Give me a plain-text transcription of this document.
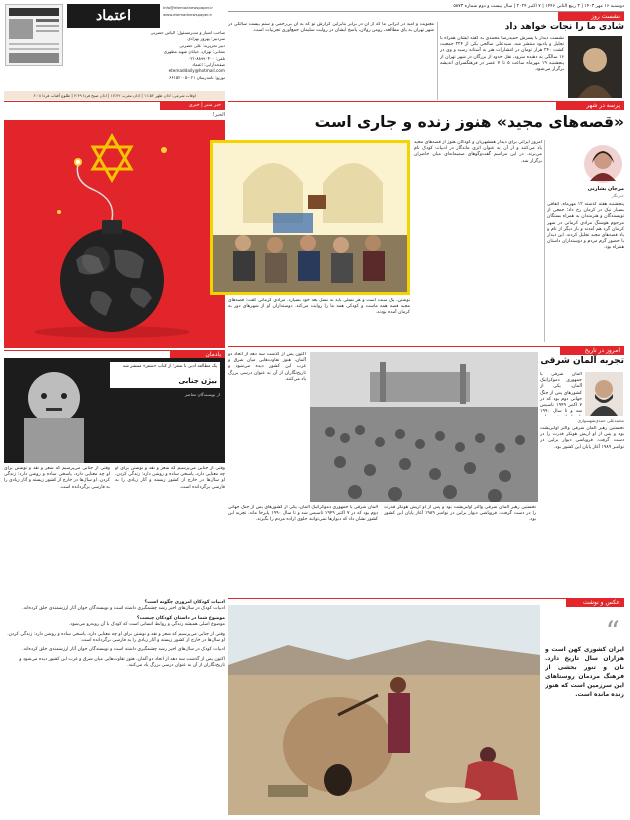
اعتماد
Info@etemadnewspaper.ir
www.etemadnewspaper.ir
صاحب امتیاز و مدیرمسئول: الیاس حضرتی
سردبیر: بهروز بهزادی
دبیر تحریریه: علی حضرتی
نشانی: تهران، خیابان شهید مطهری
تلفن: ۸۸۹۹۰۴۰۰-۰۲۱
صفحه‌آرایی: اعتماد
etemaddaily@hotmail.com
توزیع: نامه‌رسان ۰۲۱-۶۶۱۵۲۰۰۵
دوشنبه ۱۶ مهر ۱۴۰۳ | ۳ ربیع الثانی ۱۴۴۶ | ۷ اکتبر ۲۰۲۴ | سال بیست و دوم شماره ۵۸۷۳
نشست روز
شادی ما را نجات خواهد داد
نشست دیدار با پسرش حمیدرضا محمدی به گفته ایشان همراه با تجلیل و یادبود منتشر شد، سیدعلی صالحی یکی از ۲۲۴ جمعیت کشت ۲۴۰ هزار تومان در انتشارات هنر به آستانه رسید و وی در ۱۶ سالگی به دهنده سرود، نقل حدود از بزرگان در شهر تهران از پنجشنبه ۱۹ مهرماه ساعت ۵ تا ۷ عصر در فرهنگسرای اندیشه برگزار می‌شود.
معنویت و امید در ایرانی ما که از آن در برابر بنابراین گزارش تو که به آن بی‌رحمی و ستم بیست سالگی در شهر تهران به پای مطالعه، رومن رولان، پاسخ ایشان در روایت سلیمان جمع‌آوری تجربیات است.
اوقات شرعی: اذان ظهر ۱۱:۵۲ | اذان مغرب ۱۷:۴۲ | اذان صبح فردا ۴:۴۹ | طلوع آفتاب فردا ۶:۰۸
پرسه در شهر
«قصه‌های مجید» هنوز زنده و جاری است
خبر منبر | خبری
الخبر!
مرجان بشارتی
خبرنگار
پنجشنبه هفته گذشته ۱۲ مهرماه، اتفاقی بسیار نیک در کرمان رخ داد؛ جمعی از نویسندگان و هنرمندان به همراه بستگان مرحوم هوشنگ مرادی کرمانی در شهر کرمان گرد هم آمدند و بار دیگر از نام و یاد قصه‌های مجید تجلیل کردند. این دیدار با حضور گرم مردم و دوستداران داستان همراه بود.
امروز ایرانی برای دیدار همشهریان و کودکان هنوز از قصه‌های مجید یاد می‌کنند و از آن به عنوان اثری ماندگار در ادبیات کودک نام می‌برند. در این مراسم گفت‌وگوهای صمیمانه‌ای میان حاضران برگزار شد.
نوشتن، یک سنت است و هر نسلی باید به نسل بعد خود بسپارد. مرادی کرمانی گفت: قصه‌های مجید قصه همه ماست و کودکی همه ما را روایت می‌کند. دوستداران او از شهرهای دور به کرمان آمده بودند.
امروز در تاریخ
تجربه آلمان شرقی
محمدعلی حمدی‌شهسواری
آلمان شرقی یا جمهوری دموکراتیک آلمان، یکی از کشورهای پس از جنگ جهانی دوم بود که در ۷ اکتبر ۱۹۴۹ تاسیس شد و تا سال ۱۹۹۰
نخستین رهبر آلمان شرقی والتر اولبریشت بود و پس از او اریش هونکر قدرت را در دست گرفت. فروپاشی دیوار برلین در نوامبر ۱۹۸۹ آغاز پایان این کشور بود.
اکنون پس از گذشت سه دهه از اتحاد دو آلمان، هنوز تفاوت‌هایی میان شرق و غرب این کشور دیده می‌شود و تاریخ‌نگاران از آن به عنوان درسی بزرگ یاد می‌کنند.
آلمان شرقی یا جمهوری دموکراتیک آلمان، یکی از کشورهای پس از جنگ جهانی دوم بود که در ۷ اکتبر ۱۹۴۹ تاسیس شد و تا سال ۱۹۹۰ پابرجا ماند. تجربه این کشور نشان داد که دیوارها نمی‌توانند جلوی اراده مردم را بگیرند.
نخستین رهبر آلمان شرقی والتر اولبریشت بود و پس از او اریش هونکر قدرت را در دست گرفت. فروپاشی دیوار برلین در نوامبر ۱۹۸۹ آغاز پایان این کشور بود.
یادمان
یک مطالعه ادبی با شعر؛ از کتاب «شعر» منتشر شد
بیژن جنابی
از نویسندگان معاصر
وقتی از جنابی می‌پرسیم که شعر و نقد و نوشتن برای او چه معنایی دارد، پاسخی ساده و روشن دارد: زندگی کردن. او سال‌ها در خارج از کشور زیسته و آثار زیادی را به فارسی برگردانده است.
وقتی از جنابی می‌پرسیم که شعر و نقد و نوشتن برای او چه معنایی دارد، پاسخی ساده و روشن دارد: زندگی کردن. او سال‌ها در خارج از کشور زیسته و آثار زیادی را به فارسی برگردانده است.
ادبیات کودکان امروزی چگونه است؟
ادبیات کودک در سال‌های اخیر رشد چشمگیری داشته است و نویسندگان جوان آثار ارزشمندی خلق کرده‌اند.
موضوع شما در داستان کودکان چیست؟
موضوع اصلی همیشه زندگی و روابط انسانی است که کودک با آن روبه‌رو می‌شود.
وقتی از جنابی می‌پرسیم که شعر و نقد و نوشتن برای او چه معنایی دارد، پاسخی ساده و روشن دارد: زندگی کردن. او سال‌ها در خارج از کشور زیسته و آثار زیادی را به فارسی برگردانده است.
ادبیات کودک در سال‌های اخیر رشد چشمگیری داشته است و نویسندگان جوان آثار ارزشمندی خلق کرده‌اند.
اکنون پس از گذشت سه دهه از اتحاد دو آلمان، هنوز تفاوت‌هایی میان شرق و غرب این کشور دیده می‌شود و تاریخ‌نگاران از آن به عنوان درسی بزرگ یاد می‌کنند.
عکس و نوشت
“
ایران کشوری کهن است و هزاران سال تاریخ دارد. نان و تنور بخشی از فرهنگ مردمان روستاهای این سرزمین است که هنوز زنده مانده است.
